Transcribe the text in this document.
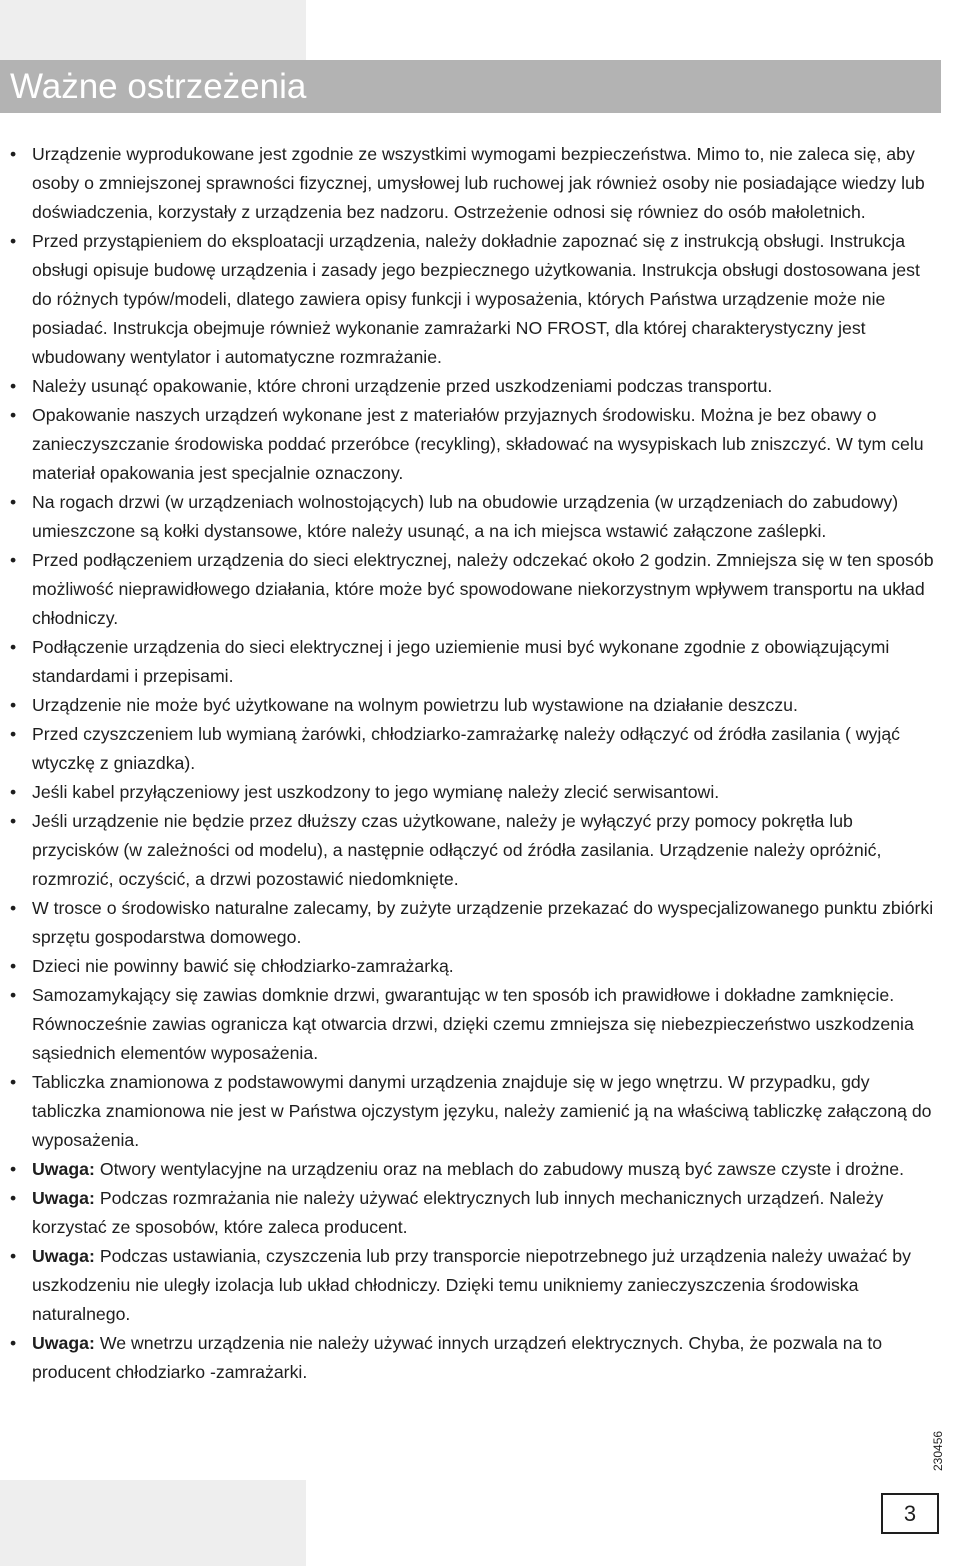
Ważne ostrzeżenia
• Urządzenie wyprodukowane jest zgodnie ze wszystkimi wymogami bezpieczeństwa. Mimo to, nie zaleca się, aby osoby o zmniejszonej sprawności fizycznej, umysłowej lub ruchowej jak również osoby nie posiadające wiedzy lub doświadczenia, korzystały z urządzenia bez nadzoru. Ostrzeżenie odnosi się równiez do osób małoletnich.
• Przed przystąpieniem do eksploatacji urządzenia, należy dokładnie zapoznać się z instrukcją obsługi. Instrukcja obsługi opisuje budowę urządzenia i zasady jego bezpiecznego użytkowania. Instrukcja obsługi dostosowana jest do różnych typów/modeli, dlatego zawiera opisy funkcji i wyposażenia, których Państwa urządzenie może nie posiadać. Instrukcja obejmuje również wykonanie zamrażarki NO FROST, dla której charakterystyczny jest wbudowany wentylator i automatyczne rozmrażanie.
• Należy usunąć opakowanie, które chroni urządzenie przed uszkodzeniami podczas transportu.
• Opakowanie naszych urządzeń wykonane jest z materiałów przyjaznych środowisku. Można je bez obawy o zanieczyszczanie środowiska poddać przeróbce (recykling), składować na wysypiskach lub zniszczyć. W tym celu materiał opakowania jest specjalnie oznaczony.
• Na rogach drzwi (w urządzeniach wolnostojących) lub na obudowie urządzenia (w urządzeniach do zabudowy) umieszczone są kołki dystansowe, które należy usunąć, a na ich miejsca wstawić załączone zaślepki.
• Przed podłączeniem urządzenia do sieci elektrycznej, należy odczekać około 2 godzin. Zmniejsza się w ten sposób możliwość nieprawidłowego działania, które może być spowodowane niekorzystnym wpływem transportu na układ chłodniczy.
• Podłączenie urządzenia do sieci elektrycznej i jego uziemienie musi być wykonane zgodnie z obowiązującymi standardami i przepisami.
• Urządzenie nie może być użytkowane na wolnym powietrzu lub wystawione na działanie deszczu.
• Przed czyszczeniem lub wymianą żarówki, chłodziarko-zamrażarkę należy odłączyć od źródła zasilania ( wyjąć wtyczkę z gniazdka).
• Jeśli kabel przyłączeniowy jest uszkodzony to jego wymianę należy zlecić serwisantowi.
• Jeśli urządzenie nie będzie przez dłuższy czas użytkowane, należy je wyłączyć przy pomocy pokrętła lub przycisków (w zależności od modelu), a następnie odłączyć od źródła zasilania. Urządzenie należy opróżnić, rozmrozić, oczyścić, a drzwi pozostawić niedomknięte.
• W trosce o środowisko naturalne zalecamy, by zużyte urządzenie przekazać do wyspecjalizowanego punktu zbiórki sprzętu gospodarstwa domowego.
• Dzieci nie powinny bawić się chłodziarko-zamrażarką.
• Samozamykający się zawias domknie drzwi, gwarantując w ten sposób ich prawidłowe i dokładne zamknięcie. Równocześnie zawias ogranicza kąt otwarcia drzwi, dzięki czemu zmniejsza się niebezpieczeństwo uszkodzenia sąsiednich elementów wyposażenia.
• Tabliczka znamionowa z podstawowymi danymi urządzenia znajduje się w jego wnętrzu. W przypadku, gdy tabliczka znamionowa nie jest w Państwa ojczystym języku, należy zamienić ją na właściwą tabliczkę załączoną do wyposażenia.
• Uwaga: Otwory wentylacyjne na urządzeniu oraz na meblach do zabudowy muszą być zawsze czyste i drożne.
• Uwaga: Podczas rozmrażania nie należy używać elektrycznych lub innych mechanicznych urządzeń. Należy korzystać ze sposobów, które zaleca producent.
• Uwaga: Podczas ustawiania, czyszczenia lub przy transporcie niepotrzebnego już urządzenia należy uważać by uszkodzeniu nie uległy izolacja lub układ chłodniczy. Dzięki temu unikniemy zanieczyszczenia środowiska naturalnego.
• Uwaga: We wnetrzu urządzenia nie należy używać innych urządzeń elektrycznych. Chyba, że pozwala na to producent chłodziarko -zamrażarki.
230456
3
